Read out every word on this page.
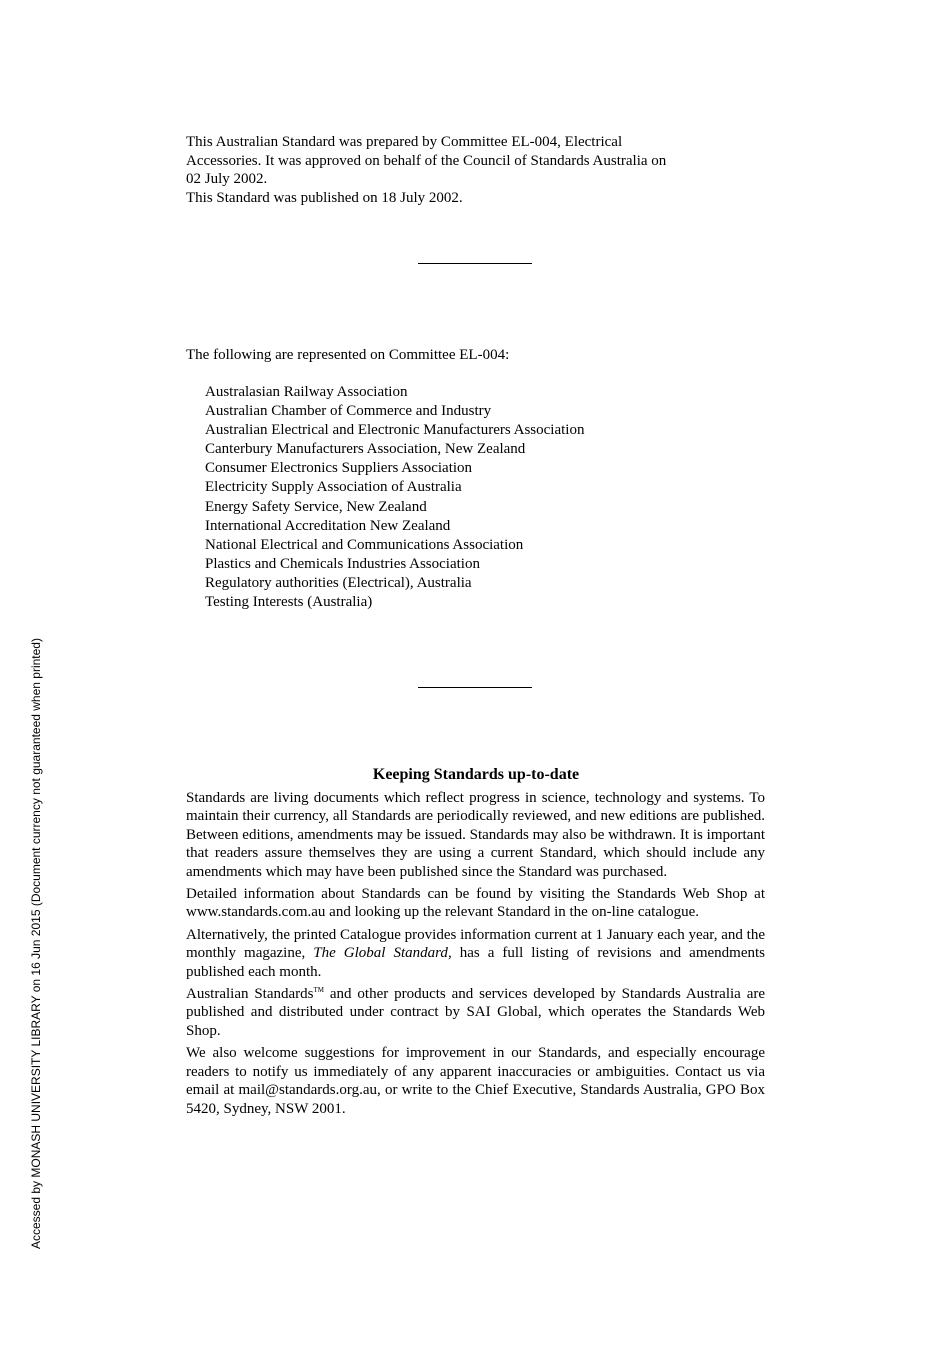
This Australian Standard was prepared by Committee EL-004, Electrical
Accessories. It was approved on behalf of the Council of Standards Australia on
02 July 2002.
This Standard was published on 18 July 2002.
The following are represented on Committee EL-004:
Australasian Railway Association
Australian Chamber of Commerce and Industry
Australian Electrical and Electronic Manufacturers Association
Canterbury Manufacturers Association, New Zealand
Consumer Electronics Suppliers Association
Electricity Supply Association of Australia
Energy Safety Service, New Zealand
International Accreditation New Zealand
National Electrical and Communications Association
Plastics and Chemicals Industries Association
Regulatory authorities (Electrical), Australia
Testing Interests (Australia)
Keeping Standards up-to-date

Standards are living documents which reflect progress in science, technology and systems. To maintain their currency, all Standards are periodically reviewed, and new editions are published. Between editions, amendments may be issued. Standards may also be withdrawn. It is important that readers assure themselves they are using a current Standard, which should include any amendments which may have been published since the Standard was purchased.

Detailed information about Standards can be found by visiting the Standards Web Shop at www.standards.com.au and looking up the relevant Standard in the on-line catalogue.

Alternatively, the printed Catalogue provides information current at 1 January each year, and the monthly magazine, The Global Standard, has a full listing of revisions and amendments published each month.

Australian Standards™ and other products and services developed by Standards Australia are published and distributed under contract by SAI Global, which operates the Standards Web Shop.

We also welcome suggestions for improvement in our Standards, and especially encourage readers to notify us immediately of any apparent inaccuracies or ambiguities. Contact us via email at mail@standards.org.au, or write to the Chief Executive, Standards Australia, GPO Box 5420, Sydney, NSW 2001.

Accessed by MONASH UNIVERSITY LIBRARY on 16 Jun 2015 (Document currency not guaranteed when printed)
